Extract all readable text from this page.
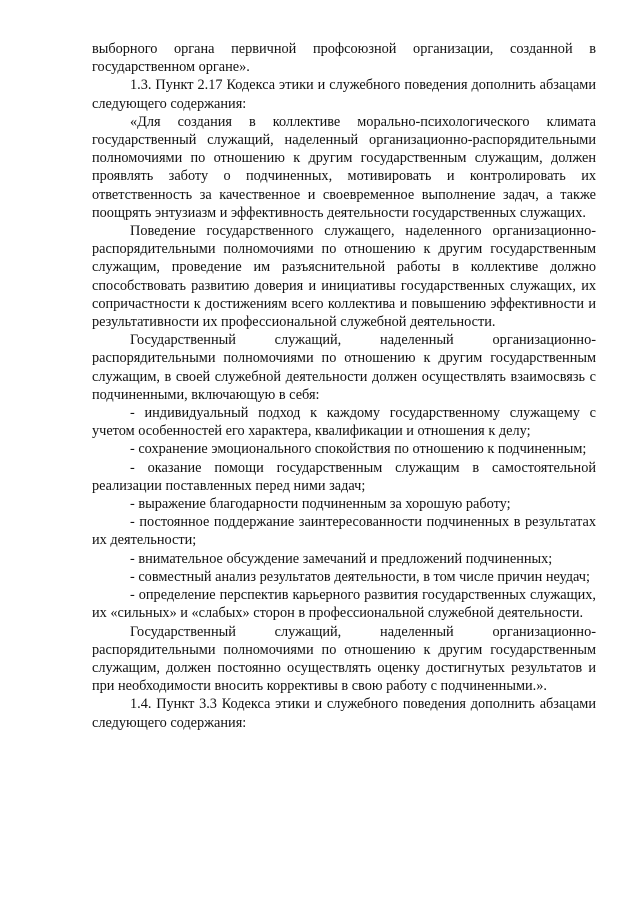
выборного органа первичной профсоюзной организации, созданной в государственном органе».

1.3. Пункт 2.17 Кодекса этики и служебного поведения дополнить абзацами следующего содержания:

«Для создания в коллективе морально-психологического климата государственный служащий, наделенный организационно-распорядительными полномочиями по отношению к другим государственным служащим, должен проявлять заботу о подчиненных, мотивировать и контролировать их ответственность за качественное и своевременное выполнение задач, а также поощрять энтузиазм и эффективность деятельности государственных служащих.

Поведение государственного служащего, наделенного организационно-распорядительными полномочиями по отношению к другим государственным служащим, проведение им разъяснительной работы в коллективе должно способствовать развитию доверия и инициативы государственных служащих, их сопричастности к достижениям всего коллектива и повышению эффективности и результативности их профессиональной служебной деятельности.

Государственный служащий, наделенный организационно-распорядительными полномочиями по отношению к другим государственным служащим, в своей служебной деятельности должен осуществлять взаимосвязь с подчиненными, включающую в себя:

- индивидуальный подход к каждому государственному служащему с учетом особенностей его характера, квалификации и отношения к делу;

- сохранение эмоционального спокойствия по отношению к подчиненным;

- оказание помощи государственным служащим в самостоятельной реализации поставленных перед ними задач;

- выражение благодарности подчиненным за хорошую работу;

- постоянное поддержание заинтересованности подчиненных в результатах их деятельности;

- внимательное обсуждение замечаний и предложений подчиненных;

- совместный анализ результатов деятельности, в том числе причин неудач;

- определение перспектив карьерного развития государственных служащих, их «сильных» и «слабых» сторон в профессиональной служебной деятельности.

Государственный служащий, наделенный организационно-распорядительными полномочиями по отношению к другим государственным служащим, должен постоянно осуществлять оценку достигнутых результатов и при необходимости вносить коррективы в свою работу с подчиненными.».

1.4. Пункт 3.3 Кодекса этики и служебного поведения дополнить абзацами следующего содержания:
